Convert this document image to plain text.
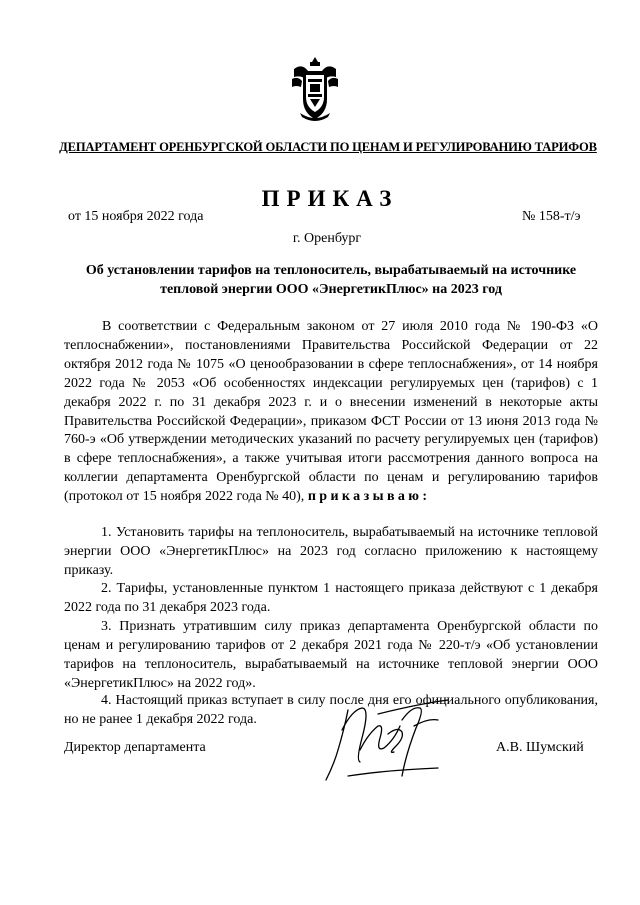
ДЕПАРТАМЕНТ ОРЕНБУРГСКОЙ ОБЛАСТИ ПО ЦЕНАМ И РЕГУЛИРОВАНИЮ ТАРИФОВ
ПРИКАЗ
от 15 ноября 2022 года	№ 158-т/э
г. Оренбург
Об установлении тарифов на теплоноситель, вырабатываемый на источнике тепловой энергии ООО «ЭнергетикПлюс» на 2023 год
В соответствии с Федеральным законом от 27 июля 2010 года № 190-ФЗ «О теплоснабжении», постановлениями Правительства Российской Федерации от 22 октября 2012 года № 1075 «О ценообразовании в сфере теплоснабжения», от 14 ноября 2022 года № 2053 «Об особенностях индексации регулируемых цен (тарифов) с 1 декабря 2022 г. по 31 декабря 2023 г. и о внесении изменений в некоторые акты Правительства Российской Федерации», приказом ФСТ России от 13 июня 2013 года № 760-э «Об утверждении методических указаний по расчету регулируемых цен (тарифов) в сфере теплоснабжения», а также учитывая итоги рассмотрения данного вопроса на коллегии департамента Оренбургской области по ценам и регулированию тарифов (протокол от 15 ноября 2022 года № 40), приказываю:
1. Установить тарифы на теплоноситель, вырабатываемый на источнике тепловой энергии ООО «ЭнергетикПлюс» на 2023 год согласно приложению к настоящему приказу.
2. Тарифы, установленные пунктом 1 настоящего приказа действуют с 1 декабря 2022 года по 31 декабря 2023 года.
3. Признать утратившим силу приказ департамента Оренбургской области по ценам и регулированию тарифов от 2 декабря 2021 года № 220-т/э «Об установлении тарифов на теплоноситель, вырабатываемый на источнике тепловой энергии ООО «ЭнергетикПлюс» на 2022 год».
4. Настоящий приказ вступает в силу после дня его официального опубликования, но не ранее 1 декабря 2022 года.
Директор департамента	А.В. Шумский
